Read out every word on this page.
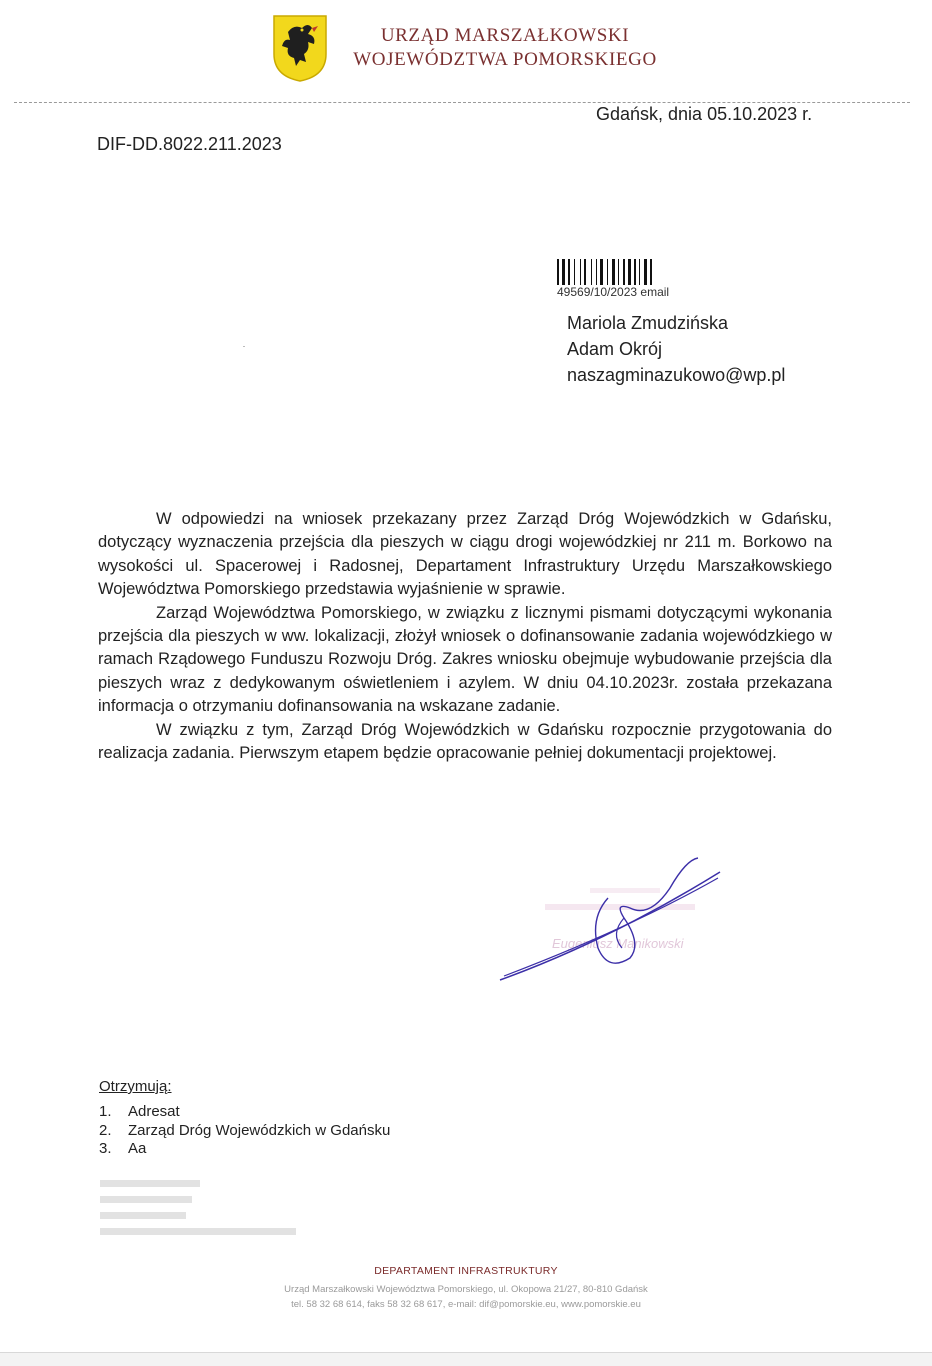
URZĄD MARSZAŁKOWSKI
WOJEWÓDZTWA POMORSKIEGO
Gdańsk, dnia 05.10.2023 r.
DIF-DD.8022.211.2023
49569/10/2023 email
Mariola Zmudzińska
Adam Okrój
naszagminazukowo@wp.pl

W odpowiedzi na wniosek przekazany przez Zarząd Dróg Wojewódzkich w Gdańsku, dotyczący wyznaczenia przejścia dla pieszych w ciągu drogi wojewódzkiej nr 211 m. Borkowo na wysokości ul. Spacerowej i Radosnej, Departament Infrastruktury Urzędu Marszałkowskiego Województwa Pomorskiego przedstawia wyjaśnienie w sprawie.

Zarząd Województwa Pomorskiego, w związku z licznymi pismami dotyczącymi wykonania przejścia dla pieszych w ww. lokalizacji, złożył wniosek o dofinansowanie zadania wojewódzkiego w ramach Rządowego Funduszu Rozwoju Dróg. Zakres wniosku obejmuje wybudowanie przejścia dla pieszych wraz z dedykowanym oświetleniem i azylem. W dniu 04.10.2023r. została przekazana informacja o otrzymaniu dofinansowania na wskazane zadanie.

W związku z tym, Zarząd Dróg Wojewódzkich w Gdańsku rozpocznie przygotowania do realizacja zadania. Pierwszym etapem będzie opracowanie pełniej dokumentacji projektowej.

Eugeniusz Manikowski
Otrzymują:
1.	Adresat
2.	Zarząd Dróg Wojewódzkich w Gdańsku
3.	Aa
DEPARTAMENT INFRASTRUKTURY
Urząd Marszałkowski Województwa Pomorskiego, ul. Okopowa 21/27, 80-810 Gdańsk
tel. 58 32 68 614, faks 58 32 68 617, e-mail: dif@pomorskie.eu, www.pomorskie.eu
